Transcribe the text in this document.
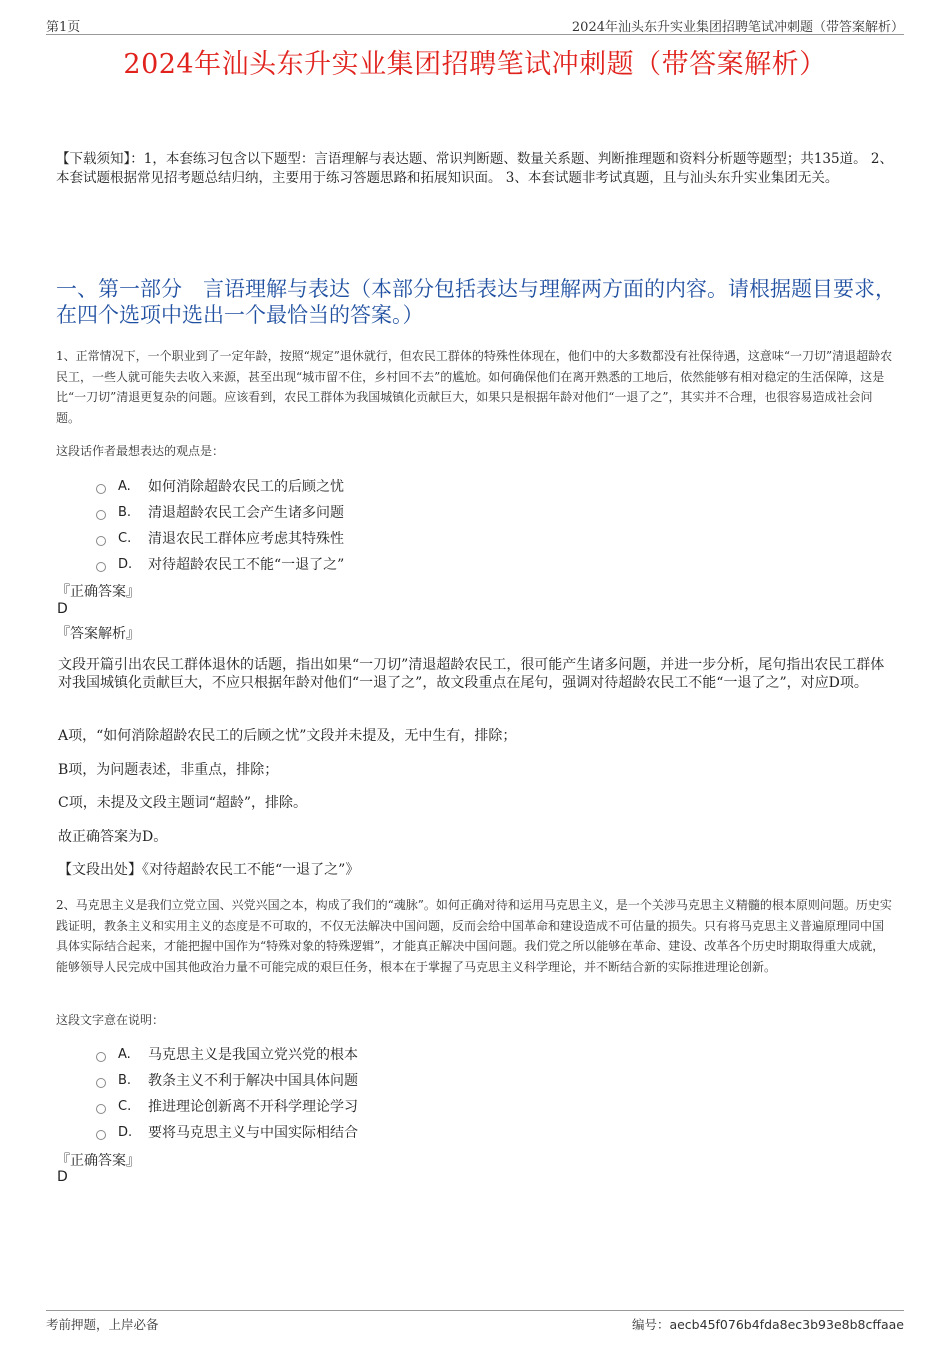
第1页	2024年汕头东升实业集团招聘笔试冲刺题（带答案解析）
2024年汕头东升实业集团招聘笔试冲刺题（带答案解析）
【下载须知】：1，本套练习包含以下题型：言语理解与表达题、常识判断题、数量关系题、判断推理题和资料分析题等题型；共135道。 2、本套试题根据常见招考题总结归纳，主要用于练习答题思路和拓展知识面。 3、本套试题非考试真题，且与汕头东升实业集团无关。
一、第一部分　言语理解与表达（本部分包括表达与理解两方面的内容。请根据题目要求，在四个选项中选出一个最恰当的答案。）
1、正常情况下，一个职业到了一定年龄，按照“规定”退休就行，但农民工群体的特殊性体现在，他们中的大多数都没有社保待遇，这意味“一刀切”清退超龄农民工，一些人就可能失去收入来源，甚至出现“城市留不住，乡村回不去”的尴尬。如何确保他们在离开熟悉的工地后，依然能够有相对稳定的生活保障，这是比“一刀切”清退更复杂的问题。应该看到，农民工群体为我国城镇化贡献巨大，如果只是根据年龄对他们“一退了之”，其实并不合理，也很容易造成社会问题。
这段话作者最想表达的观点是：
A.	如何消除超龄农民工的后顾之忧
B.	清退超龄农民工会产生诸多问题
C.	清退农民工群体应考虑其特殊性
D.	对待超龄农民工不能“一退了之”
『正确答案』
D
『答案解析』
文段开篇引出农民工群体退休的话题，指出如果“一刀切”清退超龄农民工，很可能产生诸多问题，并进一步分析，尾句指出农民工群体对我国城镇化贡献巨大，不应只根据年龄对他们“一退了之”，故文段重点在尾句，强调对待超龄农民工不能“一退了之”，对应D项。
A项，“如何消除超龄农民工的后顾之忧”文段并未提及，无中生有，排除；
B项，为问题表述，非重点，排除；
C项，未提及文段主题词“超龄”，排除。
故正确答案为D。
【文段出处】《对待超龄农民工不能“一退了之”》
2、马克思主义是我们立党立国、兴党兴国之本，构成了我们的“魂脉”。如何正确对待和运用马克思主义，是一个关涉马克思主义精髓的根本原则问题。历史实践证明，教条主义和实用主义的态度是不可取的，不仅无法解决中国问题，反而会给中国革命和建设造成不可估量的损失。只有将马克思主义普遍原理同中国具体实际结合起来，才能把握中国作为“特殊对象的特殊逻辑”，才能真正解决中国问题。我们党之所以能够在革命、建设、改革各个历史时期取得重大成就，能够领导人民完成中国其他政治力量不可能完成的艰巨任务，根本在于掌握了马克思主义科学理论，并不断结合新的实际推进理论创新。
这段文字意在说明：
A.	马克思主义是我国立党兴党的根本
B.	教条主义不利于解决中国具体问题
C.	推进理论创新离不开科学理论学习
D.	要将马克思主义与中国实际相结合
『正确答案』
D
考前押题，上岸必备	编号：aecb45f076b4fda8ec3b93e8b8cffaae
